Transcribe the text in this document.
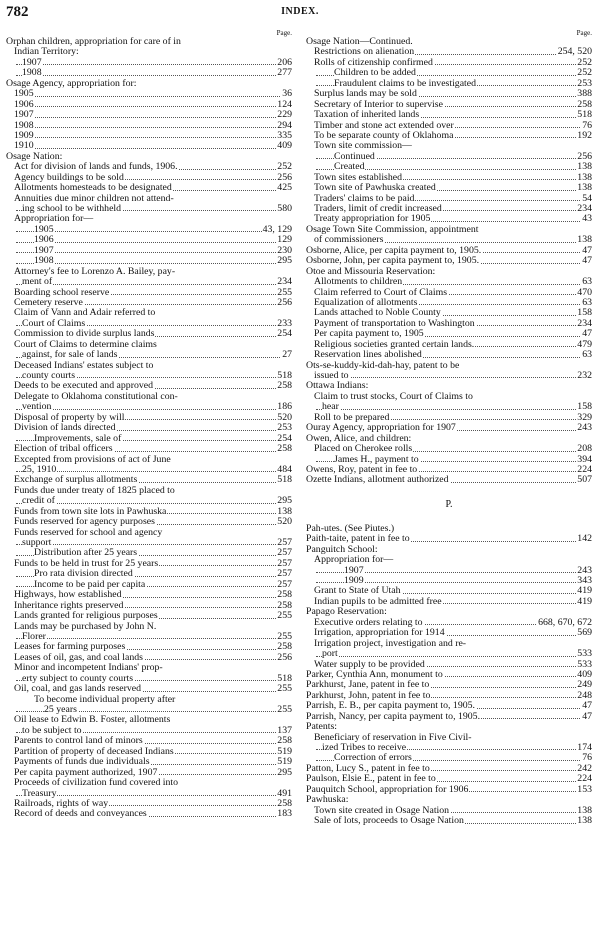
782	INDEX.
Page.
Orphan children, appropriation for care of in
Indian Territory:
1907	206
1908	277
Osage Agency, appropriation for:
1905	36
1906	124
1907	229
1908	294
1909	335
1910	409
Osage Nation:
Act for division of lands and funds, 1906.	252
Agency buildings to be sold	256
Allotments homesteads to be designated	425
Annuities due minor children not attend-
ing school to be withheld	580
Appropriation for—
1905	43, 129
1906	129
1907	230
1908	295
Attorney's fee to Lorenzo A. Bailey, pay-
ment of	234
Boarding school reserve	255
Cemetery reserve	256
Claim of Vann and Adair referred to
Court of Claims	233
Commission to divide surplus lands	254
Court of Claims to determine claims
against, for sale of lands	27
Deceased Indians' estates subject to
county courts	518
Deeds to be executed and approved	258
Delegate to Oklahoma constitutional con-
vention	186
Disposal of property by will	520
Division of lands directed	253
Improvements, sale of	254
Election of tribal officers	258
Excepted from provisions of act of June
25, 1910	484
Exchange of surplus allotments	518
Funds due under treaty of 1825 placed to
credit of	295
Funds from town site lots in Pawhuska	138
Funds reserved for agency purposes	520
Funds reserved for school and agency
support	257
Distribution after 25 years	257
Funds to be held in trust for 25 years	257
Pro rata division directed	257
Income to be paid per capita	257
Highways, how established	258
Inheritance rights preserved	258
Lands granted for religious purposes	255
Lands may be purchased by John N.
Florer	255
Leases for farming purposes	258
Leases of oil, gas, and coal lands	256
Minor and incompetent Indians' prop-
erty subject to county courts	518
Oil, coal, and gas lands reserved	255
To become individual property after
25 years	255
Oil lease to Edwin B. Foster, allotments
to be subject to	137
Parents to control land of minors	258
Partition of property of deceased Indians	519
Payments of funds due individuals	519
Per capita payment authorized, 1907	295
Proceeds of civilization fund covered into
Treasury	491
Railroads, rights of way	258
Record of deeds and conveyances	183
Page.
Osage Nation—Continued.
Restrictions on alienation	254, 520
Rolls of citizenship confirmed	252
Children to be added	252
Fraudulent claims to be investigated	253
Surplus lands may be sold	388
Secretary of Interior to supervise	258
Taxation of inherited lands	518
Timber and stone act extended over	76
To be separate county of Oklahoma	192
Town site commission—
Continued	256
Created	138
Town sites established	138
Town site of Pawhuska created	138
Traders' claims to be paid	54
Traders, limit of credit increased	234
Treaty appropriation for 1905	43
Osage Town Site Commission, appointment
of commissioners	138
Osborne, Alice, per capita payment to, 1905.	47
Osborne, John, per capita payment to, 1905.	47
Otoe and Missouria Reservation:
Allotments to children	63
Claim referred to Court of Claims	470
Equalization of allotments	63
Lands attached to Noble County	158
Payment of transportation to Washington	234
Per capita payment to, 1905	47
Religious societies granted certain lands.	479
Reservation lines abolished	63
Ots-se-kuddy-kid-dah-hay, patent to be
issued to	232
Ottawa Indians:
Claim to trust stocks, Court of Claims to
hear	158
Roll to be prepared	329
Ouray Agency, appropriation for 1907	243
Owen, Alice, and children:
Placed on Cherokee rolls	208
James H., payment to	394
Owens, Roy, patent in fee to	224
Ozette Indians, allotment authorized	507
P.
Pah-utes. (See Piutes.)
Paith-taite, patent in fee to	142
Panguitch School:
Appropriation for—
1907	243
1909	343
Grant to State of Utah	419
Indian pupils to be admitted free	419
Papago Reservation:
Executive orders relating to	668, 670, 672
Irrigation, appropriation for 1914	569
Irrigation project, investigation and re-
port	533
Water supply to be provided	533
Parker, Cynthia Ann, monument to	409
Parkhurst, Jane, patent in fee to	249
Parkhurst, John, patent in fee to	248
Parrish, E. B., per capita payment to, 1905.	47
Parrish, Nancy, per capita payment to, 1905.	47
Patents:
Beneficiary of reservation in Five Civil-
ized Tribes to receive	174
Correction of errors	76
Patton, Lucy S., patent in fee to	242
Paulson, Elsie E., patent in fee to	224
Pauquitch School, appropriation for 1906	153
Pawhuska:
Town site created in Osage Nation	138
Sale of lots, proceeds to Osage Nation	138
